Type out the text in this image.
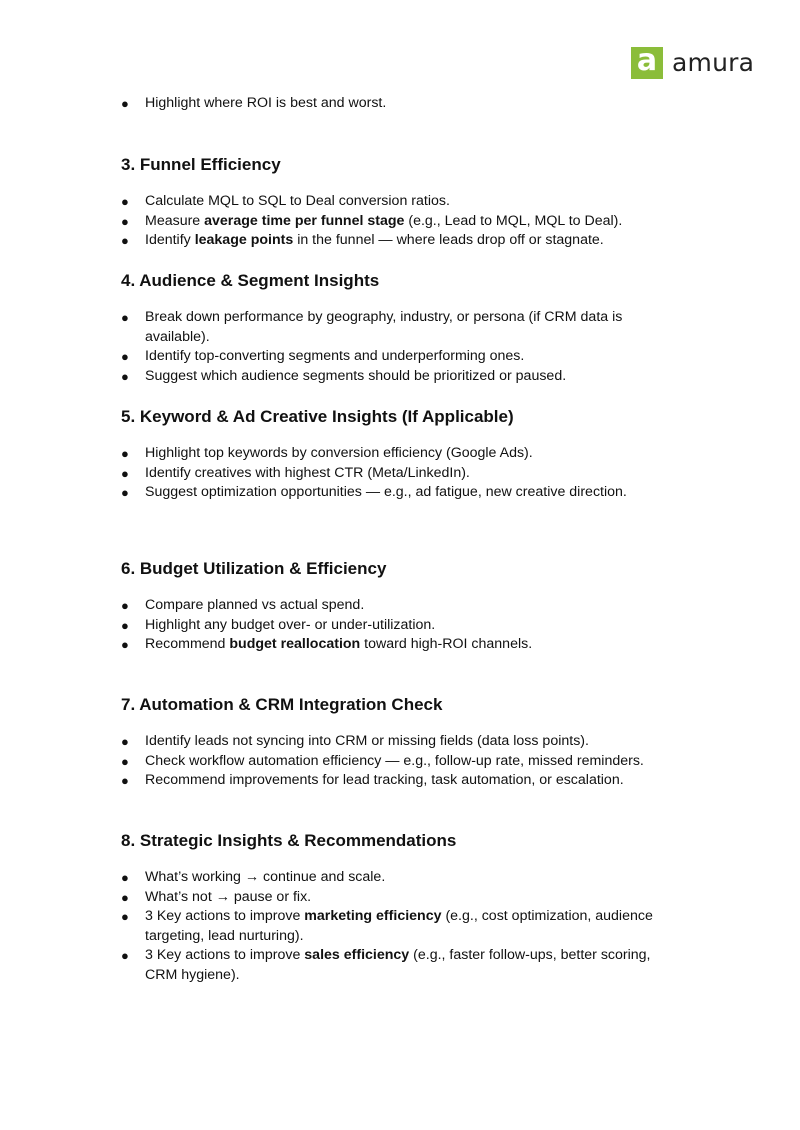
a amura
● Highlight where ROI is best and worst.
3. Funnel Efficiency
● Calculate MQL to SQL to Deal conversion ratios.
● Measure average time per funnel stage (e.g., Lead to MQL, MQL to Deal).
● Identify leakage points in the funnel — where leads drop off or stagnate.
4. Audience & Segment Insights
● Break down performance by geography, industry, or persona (if CRM data is available).
● Identify top-converting segments and underperforming ones.
● Suggest which audience segments should be prioritized or paused.
5. Keyword & Ad Creative Insights (If Applicable)
● Highlight top keywords by conversion efficiency (Google Ads).
● Identify creatives with highest CTR (Meta/LinkedIn).
● Suggest optimization opportunities — e.g., ad fatigue, new creative direction.
6. Budget Utilization & Efficiency
● Compare planned vs actual spend.
● Highlight any budget over- or under-utilization.
● Recommend budget reallocation toward high-ROI channels.
7. Automation & CRM Integration Check
● Identify leads not syncing into CRM or missing fields (data loss points).
● Check workflow automation efficiency — e.g., follow-up rate, missed reminders.
● Recommend improvements for lead tracking, task automation, or escalation.
8. Strategic Insights & Recommendations
● What’s working → continue and scale.
● What’s not → pause or fix.
● 3 Key actions to improve marketing efficiency (e.g., cost optimization, audience targeting, lead nurturing).
● 3 Key actions to improve sales efficiency (e.g., faster follow-ups, better scoring, CRM hygiene).
